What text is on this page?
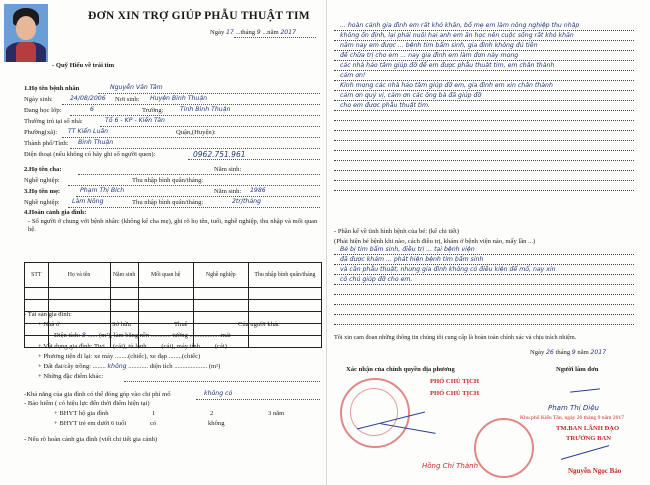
ĐƠN XIN TRỢ GIÚP PHẪU THUẬT TIM
Ngày 17 ...tháng 9 ...năm 2017
- Quỹ Hiểu về trái tim
1.Họ tên bệnh nhân	Nguyễn Văn Tâm
Ngày sinh:	24/08/2006 Nơi sinh: Huyện Bình Thuận
Đang học lớp:	6	Trường:	Tỉnh Bình Thuận
Thường trú tại số nhà:	Tổ 6 - KP - Kiến Tân
Phường(xã): TT Kiến Luân	Quận,(Huyện):
Thành phố/Tỉnh: Bình Thuận
Điện thoại (nếu không có hãy ghi số người quen):	0962.751.961
2.Họ tên cha:	Năm sinh:
Nghề nghiệp:	Thu nhập bình quân/tháng:
3.Họ tên mẹ:	Phạm Thị Bích	Năm sinh: 1986
Nghề nghiệp: Làm Nông	Thu nhập bình quân/tháng:	2tr/tháng
4.Hoàn cảnh gia đình:
- Số người ở chung với bệnh nhân: (không kể cha mẹ), ghi rõ họ tên, tuổi, nghề nghiệp, thu nhập và mối quan hệ.
STT	Họ và tên	Năm sinh	Mối quan hệ	Nghề nghiệp	Thu nhập bình quân/tháng

- Tài sản gia đình:
+ Nhà ở	Sở hữu	Thuê	Của người khác
Diện tích: 8 ...... (m²), làm bằng nền ............ tường ...................mái
+ Vật dụng gia đình: Tivi ....(cái), tủ lạnh ........(cái), máy tính ........(cái)
+ Phương tiện đi lại: xe máy ........(chiếc), xe đạp ........(chiếc)
+ Đất đai/cây trồng: ........ không ............ diện tích .................... (m²)
+ Những đặc điểm khác:
-Khả năng của gia đình có thể đóng góp vào chi phí mổ	không có
- Bảo hiểm ( có hiệu lực đến thời điểm hiện tại)
+ BHYT hộ gia đình	1	2	3 năm
+ BHYT trẻ em dưới 6 tuổi	có	không
- Nếu rõ hoàn cảnh gia đình (viết chi tiết gia cảnh)
... hoàn cảnh gia đình em rất khó khăn, bố mẹ em làm nông nghiệp thu nhập
không ổn định, lại phải nuôi hai anh em ăn học nên cuộc sống rất khó khăn
năm nay em được ... bệnh tim bẩm sinh, gia đình không đủ tiền
để chữa trị cho em ... nay gia đình em làm đơn này mong
các nhà hảo tâm giúp đỡ để em được phẫu thuật tim, em chân thành
cảm ơn!
Kính mong các nhà hảo tâm giúp đỡ em, gia đình em xin chân thành
cảm ơn quý vị, cảm ơn các ông bà đã giúp đỡ
cho em được phẫu thuật tim.
- Phần kể về tình hình bệnh của bé: (kể chi tiết)
(Phát hiện bé bệnh khi nào, cách điều trị, khám ở bệnh viện nào, mấy lần ...)
Bé bị tim bẩm sinh, điều trị ... tại bệnh viện
đã được khám ... phát hiện bệnh tim bẩm sinh
và cần phẫu thuật, nhưng gia đình không có điều kiện để mổ, nay xin
cô chú giúp đỡ cho em.
Tôi xin cam đoan những thông tin chúng tôi cung cấp là hoàn toàn chính xác và chịu trách nhiệm.
Ngày 26 tháng 9 năm 2017
Xác nhận của chính quyền địa phương	Người làm đơn
PHÓ CHỦ TỊCH
PHÓ CHỦ TỊCH
Hồng Chí Thành
Phạm Thị Diệu
Khu phố Kiến Tân, ngày 26 tháng 9 năm 2017
TM.BAN LÃNH ĐẠO
TRƯỞNG BAN
Nguyễn Ngọc Bảo
